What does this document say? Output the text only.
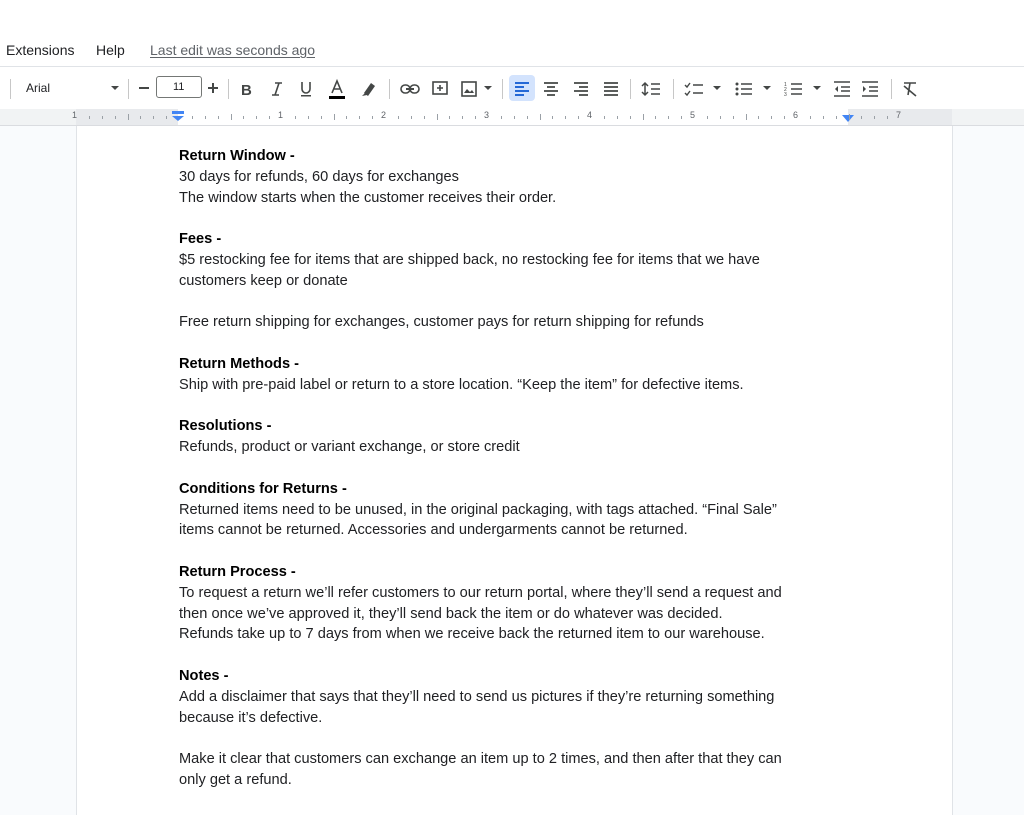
Extensions Help Last edit was seconds ago
Arial	11	B	1
2
3
1	1	2	3	4	5	6	7
Return Window -
30 days for refunds, 60 days for exchanges
The window starts when the customer receives their order.
Fees -
$5 restocking fee for items that are shipped back, no restocking fee for items that we have
customers keep or donate
Free return shipping for exchanges, customer pays for return shipping for refunds
Return Methods -
Ship with pre-paid label or return to a store location. “Keep the item” for defective items.
Resolutions -
Refunds, product or variant exchange, or store credit
Conditions for Returns -
Returned items need to be unused, in the original packaging, with tags attached. “Final Sale”
items cannot be returned. Accessories and undergarments cannot be returned.
Return Process -
To request a return we’ll refer customers to our return portal, where they’ll send a request and
then once we’ve approved it, they’ll send back the item or do whatever was decided.
Refunds take up to 7 days from when we receive back the returned item to our warehouse.
Notes -
Add a disclaimer that says that they’ll need to send us pictures if they’re returning something
because it’s defective.
Make it clear that customers can exchange an item up to 2 times, and then after that they can
only get a refund.
